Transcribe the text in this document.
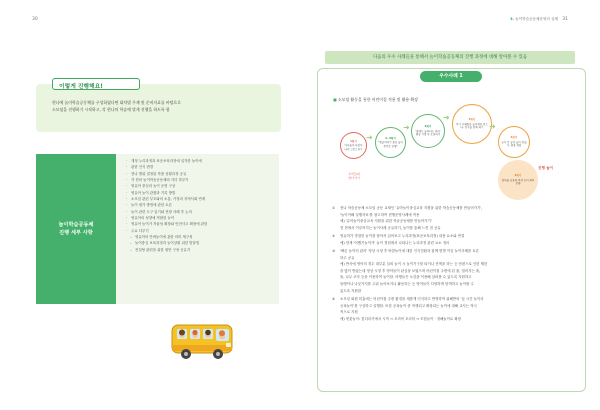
30
이렇게 진행해요!
현나에 놀이학습공동체를 구성하였다면 회차별 주제 및 준비자료를 바탕으로
소모임을 진행하기 시작하고, 각 현나의 학습에 맞게 진행을 하도록 함
놀이학습공동체
진행 세부 사항
· 개정 누리과정과 표준보육과정에 입각한 놀이에
· 관한 인식 변경
· 현나 별위 결정된 작품 상황과정 공유
· 각 현의 놀이학습공동체의 거더 하루기
· 영유아 중심의 놀이 운영 구상
· 영유아 놀이 관찰과 기록 방법
· 소모임 관련 부모와의 소통, 가정과 지역사회 연계
· 놀이 평가 방법에 관한 토론
· 놀이 관련 도구 읽기와 현장 사례 후 논의
· 영유아의 성향에 적합한 놀이
· 영유아 놀이가 자율성 확장와 안전사고 확장에 관한
· 주요 다루기
– 영유아의 안락놀이에 관한 의미 재구성
– 놀이중심 보육과정과 놀이상황 위한 발달법
– 컨설팅 관련을 위한 원만 구성 공유기
31
3. 놀이학습공동체운영의 실제
다음의 우수 사례들을 통해서 놀이학습공동체의 진행 과정에 대해 알아볼 수 있음
우수사례 1
■ 소모임 활동을 통한 어린이집 적용 및 활용·확장
1회기
아이들과 다같이 나의 그림그리기
우리들의
연너가기
2~3회기
"옛날이야기 중심 놀이준비로 진행"
4회기
'발레오 놀이터는 관리' 영상 시청 후 토론하기
5회기
아기 신체활동 놀이재료 만드나, 친구들 함께 하기
6회기
교사 간 공유 놀이 만들기, 현장 적용
8회기
결과물 공유와 즉석 토의 회의 진행
진행 놀이
➜
➜
➜
➜

① 현나 학습공동체 소모임 공동 교재인 '유아놀이중심교육 지원을 위한 학습공동체를 만들어가기',

'놀이이해 실행자료'를 참고하여 현행운영사례에 적용

예) '유아놀이중심교육 지원을 위한 학습공동체를 만들어가기'

현 현에서 이루어지는 놀이사례 공유하기, 놀이를 통해 느낀 점 공유

② 영유아가 경험한 놀이를 담아서 읽어보고 누리과정(표준보육과정) 내용 요소와 연결

예) 현재 '어했기놀이가' 놀이 경험에서 나타나는 누리과정 관련 요소 정리

③ '빠른 놀이터 관리' 영상 시청 후 바깥놀이에 대한 인식전환과 함께 변별 이끔 놀이사례를 토론

하고 공유

예) 반사에 영아의 경우 대부분 실외 놀이 시 놀이기구를 타거나 산책을 하는 등 단편으로 인한 제한

을 많이 받았는데 영상 시청 후 영아들이 관심을 보였으며 어린이집 주변에 된 풀, 열어지는 흙,

돌, 나무 조각 등을 이용하여 놀이함. 비행들은 오감을 이용해 살펴볼 수 있도록 지원하고

돌멩이나 나뭇가지를 주워 놀아보거나 활동하는 등 영아들이 다양하게 탐색하고 놀이할 수

있도록 지원함

④ 소모임 회원 미흡에는 어린이집 주변 환경을 새롭게 인식하고 반영하여 위해반의 '낮 시간 놀이의

공폭놀이'를 구상하고 실행함. 또한 공폭놀이 중 적생되고 확장되는 놀이에 대해 교사는 적극

적으로 지원

예) 벚꽃놀이: 꽃다리기에서 시작 ⇒ 꼬리어 꼬리어 ⇒ 모험놀이 · 정해놀이로 확장
